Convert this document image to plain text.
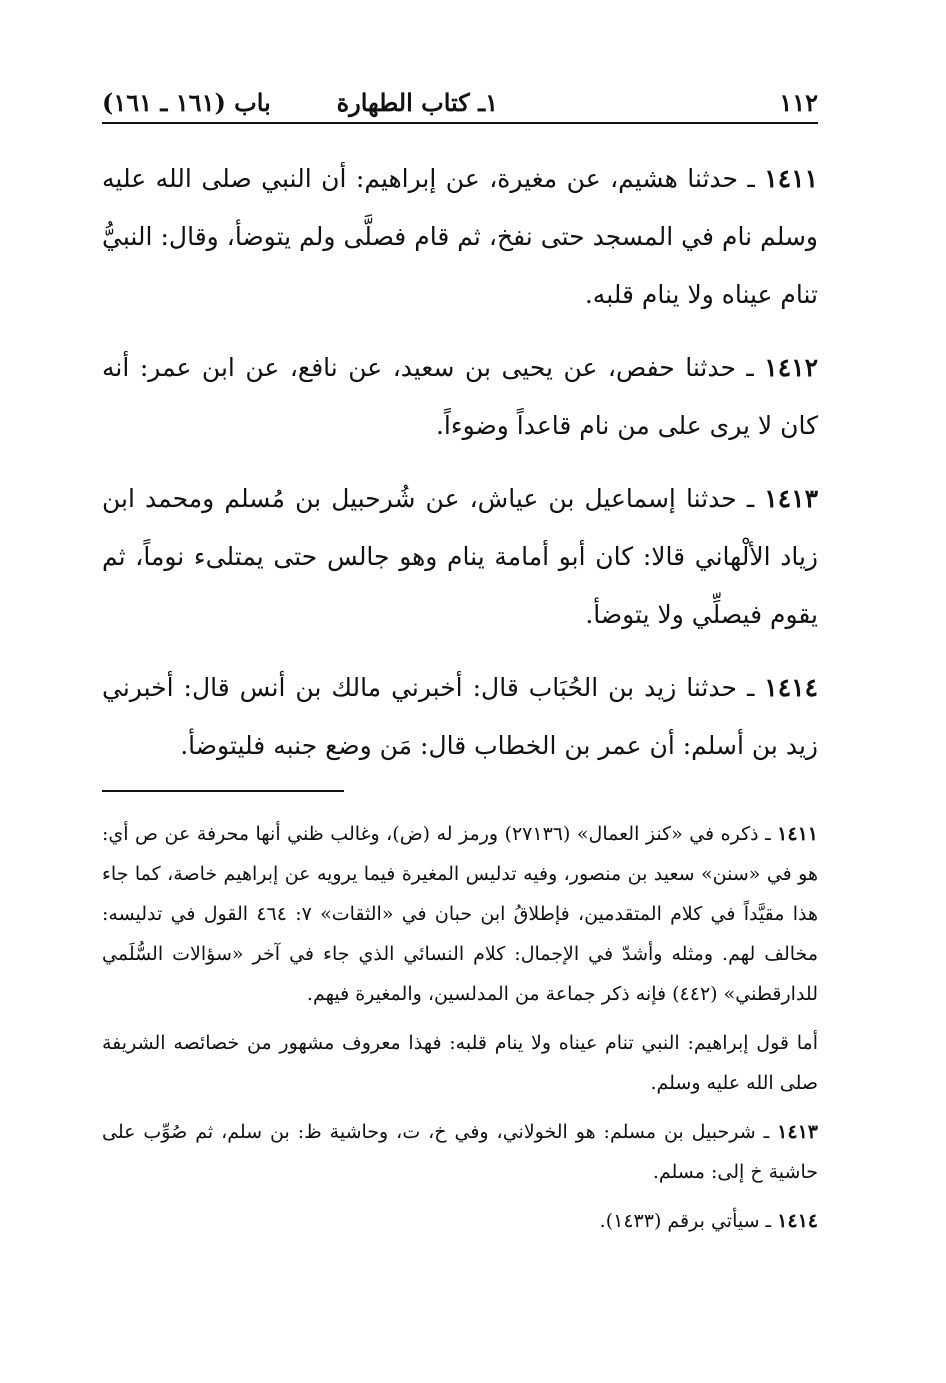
١١٢
١ـ كتاب الطهارة
باب (١٦١ ـ ١٦١)

١٤١١ ـ حدثنا هشيم، عن مغيرة، عن إبراهيم: أن النبي صلى الله عليه وسلم نام في المسجد حتى نفخ، ثم قام فصلَّى ولم يتوضأ، وقال: النبيُّ تنام عيناه ولا ينام قلبه.

١٤١٢ ـ حدثنا حفص، عن يحيى بن سعيد، عن نافع، عن ابن عمر: أنه كان لا يرى على من نام قاعداً وضوءاً.

١٤١٣ ـ حدثنا إسماعيل بن عياش، عن شُرحبيل بن مُسلم ومحمد ابن زياد الألْهاني قالا: كان أبو أمامة ينام وهو جالس حتى يمتلىء نوماً، ثم يقوم فيصلِّي ولا يتوضأ.

١٤١٤ ـ حدثنا زيد بن الحُبَاب قال: أخبرني مالك بن أنس قال: أخبرني زيد بن أسلم: أن عمر بن الخطاب قال: مَن وضع جنبه فليتوضأ.

١٤١١ ـ ذكره في «كنز العمال» (٢٧١٣٦) ورمز له (ض)، وغالب ظني أنها محرفة عن ص أي: هو في «سنن» سعيد بن منصور، وفيه تدليس المغيرة فيما يرويه عن إبراهيم خاصة، كما جاء هذا مقيَّداً في كلام المتقدمين، فإطلاقُ ابن حبان في «الثقات» ٧: ٤٦٤ القول في تدليسه: مخالف لهم. ومثله وأشدّ في الإجمال: كلام النسائي الذي جاء في آخر «سؤالات السُّلَمي للدارقطني» (٤٤٢) فإنه ذكر جماعة من المدلسين، والمغيرة فيهم.

أما قول إبراهيم: النبي تنام عيناه ولا ينام قلبه: فهذا معروف مشهور من خصائصه الشريفة صلى الله عليه وسلم.

١٤١٣ ـ شرحبيل بن مسلم: هو الخولاني، وفي خ، ت، وحاشية ظ: بن سلم، ثم صُوِّب على حاشية خ إلى: مسلم.

١٤١٤ ـ سيأتي برقم (١٤٣٣).
